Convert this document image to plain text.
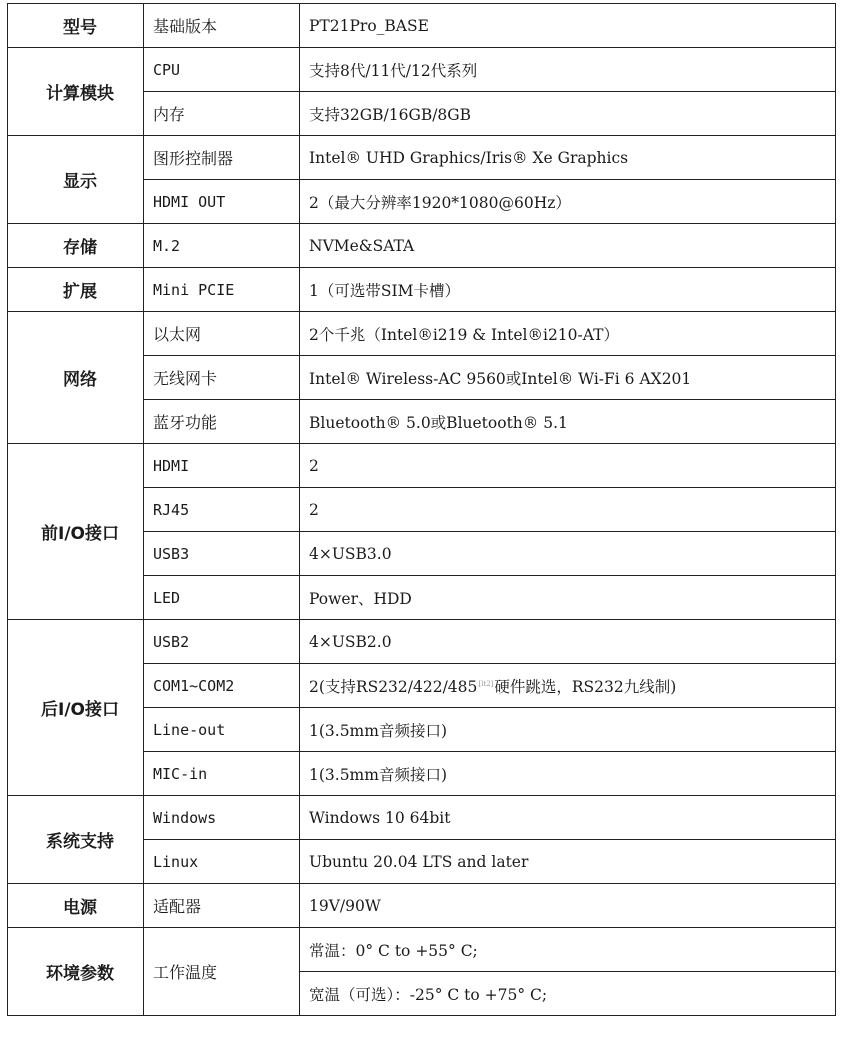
型号	基础版本	PT21Pro_BASE
计算模块	CPU	支持8代/11代/12代系列
	内存	支持32GB/16GB/8GB
显示	图形控制器	Intel® UHD Graphics/Iris® Xe Graphics
	HDMI OUT	2（最大分辨率1920*1080@60Hz）
存储	M.2	NVMe&SATA
扩展	Mini PCIE	1（可选带SIM卡槽）
网络	以太网	2个千兆（Intel®i219 & Intel®i210-AT）
	无线网卡	Intel® Wireless-AC 9560或Intel® Wi-Fi 6 AX201
	蓝牙功能	Bluetooth® 5.0或Bluetooth® 5.1
前I/O接口	HDMI	2
	RJ45	2
	USB3	4×USB3.0
	LED	Power、HDD
后I/O接口	USB2	4×USB2.0
	COM1~COM2	2(支持RS232/422/485[lt2]硬件跳选，RS232九线制)
	Line-out	1(3.5mm音频接口)
	MIC-in	1(3.5mm音频接口)
系统支持	Windows	Windows 10 64bit
	Linux	Ubuntu 20.04 LTS and later
电源	适配器	19V/90W
环境参数	工作温度	常温：0° C to +55° C;
		宽温（可选）：-25° C to +75° C;
